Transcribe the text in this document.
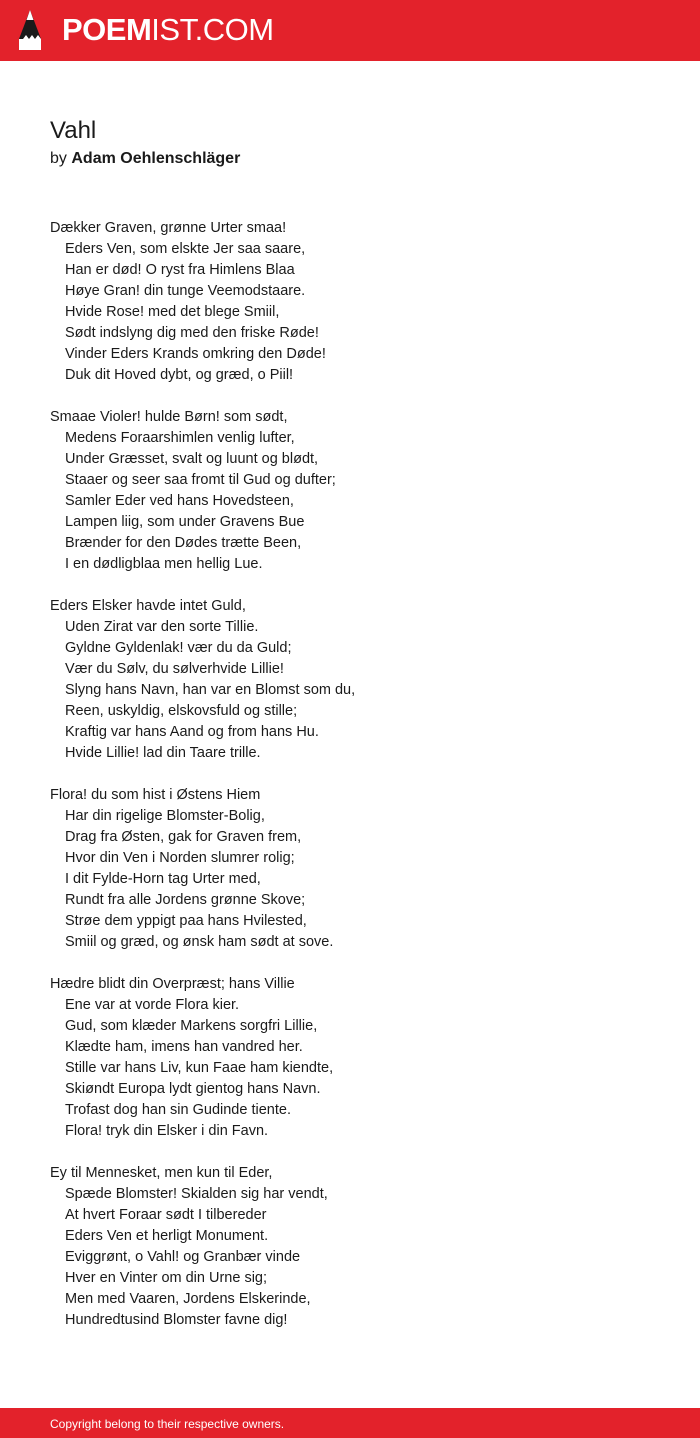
POEMIST.COM
Vahl
by Adam Oehlenschläger
Dækker Graven, grønne Urter smaa!
Eders Ven, som elskte Jer saa saare,
Han er død! O ryst fra Himlens Blaa
Høye Gran! din tunge Veemodstaare.
Hvide Rose! med det blege Smiil,
Sødt indslyng dig med den friske Røde!
Vinder Eders Krands omkring den Døde!
Duk dit Hoved dybt, og græd, o Piil!
Smaae Violer! hulde Børn! som sødt,
Medens Foraarshimlen venlig lufter,
Under Græsset, svalt og luunt og blødt,
Staaer og seer saa fromt til Gud og dufter;
Samler Eder ved hans Hovedsteen,
Lampen liig, som under Gravens Bue
Brænder for den Dødes trætte Been,
I en dødligblaa men hellig Lue.
Eders Elsker havde intet Guld,
Uden Zirat var den sorte Tillie.
Gyldne Gyldenlak! vær du da Guld;
Vær du Sølv, du sølverhvide Lillie!
Slyng hans Navn, han var en Blomst som du,
Reen, uskyldig, elskovsfuld og stille;
Kraftig var hans Aand og from hans Hu.
Hvide Lillie! lad din Taare trille.
Flora! du som hist i Østens Hiem
Har din rigelige Blomster-Bolig,
Drag fra Østen, gak for Graven frem,
Hvor din Ven i Norden slumrer rolig;
I dit Fylde-Horn tag Urter med,
Rundt fra alle Jordens grønne Skove;
Strøe dem yppigt paa hans Hvilested,
Smiil og græd, og ønsk ham sødt at sove.
Hædre blidt din Overpræst; hans Villie
Ene var at vorde Flora kier.
Gud, som klæder Markens sorgfri Lillie,
Klædte ham, imens han vandred her.
Stille var hans Liv, kun Faae ham kiendte,
Skiøndt Europa lydt gientog hans Navn.
Trofast dog han sin Gudinde tiente.
Flora! tryk din Elsker i din Favn.
Ey til Mennesket, men kun til Eder,
Spæde Blomster! Skialden sig har vendt,
At hvert Foraar sødt I tilbereder
Eders Ven et herligt Monument.
Eviggrønt, o Vahl! og Granbær vinde
Hver en Vinter om din Urne sig;
Men med Vaaren, Jordens Elskerinde,
Hundredtusind Blomster favne dig!
Copyright belong to their respective owners.
